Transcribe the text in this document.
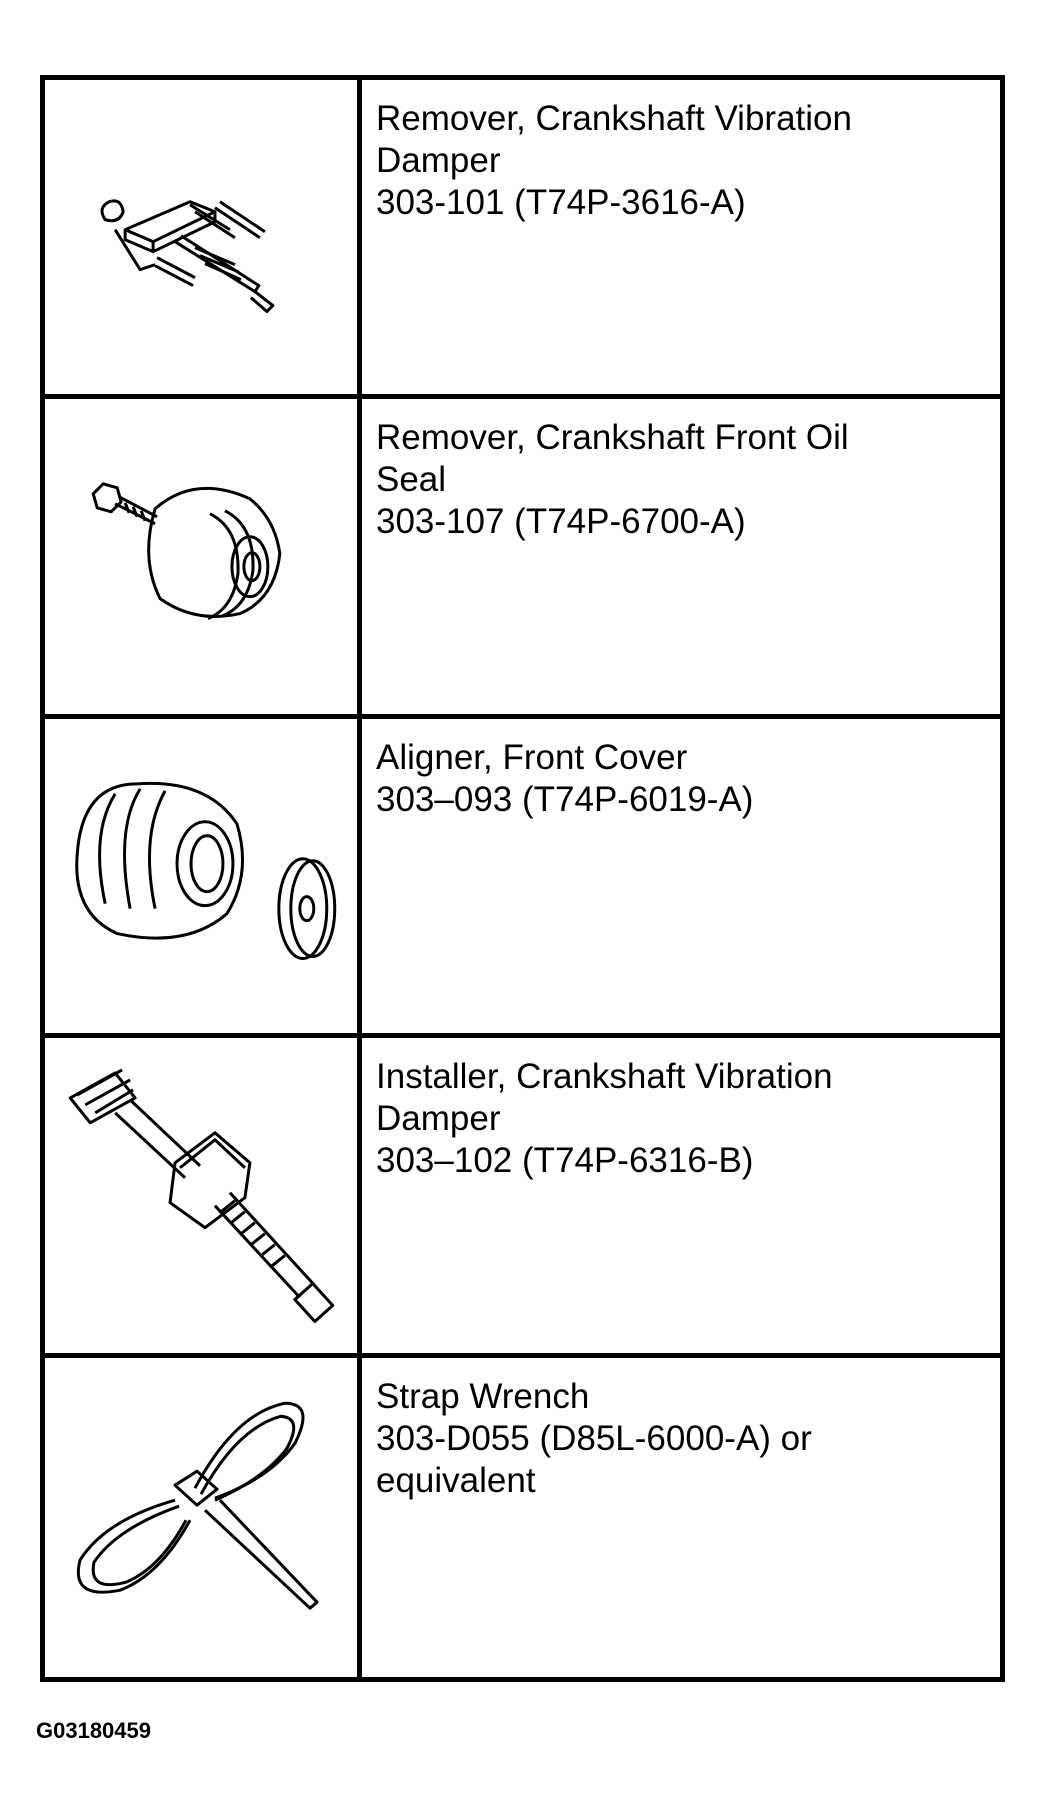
Remover, Crankshaft Vibration
Damper
303-101 (T74P-3616-A)
Remover, Crankshaft Front Oil
Seal
303-107 (T74P-6700-A)
Aligner, Front Cover
303–093 (T74P-6019-A)
Installer, Crankshaft Vibration
Damper
303–102 (T74P-6316-B)
Strap Wrench
303-D055 (D85L-6000-A) or
equivalent
G03180459
